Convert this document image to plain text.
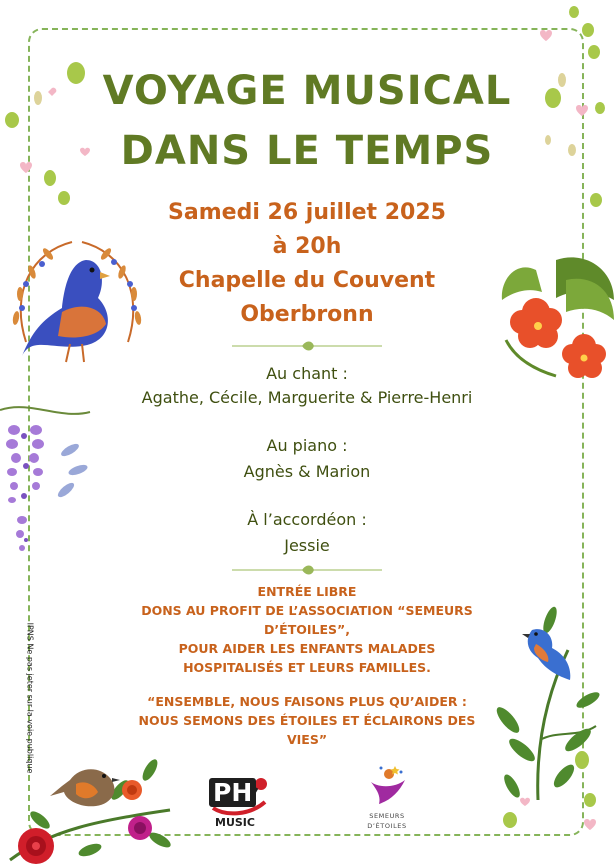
VOYAGE MUSICAL
DANS LE TEMPS
Samedi 26 juillet 2025
à 20h
Chapelle du Couvent
Oberbronn
Au chant :
Agathe, Cécile, Marguerite & Pierre-Henri
Au piano :
Agnès & Marion
À l’accordéon :
Jessie
ENTRÉE LIBRE
DONS AU PROFIT DE L’ASSOCIATION “SEMEURS
D’ÉTOILES”,
POUR AIDER LES ENFANTS MALADES
HOSPITALISÉS ET LEURS FAMILLES.
“ENSEMBLE, NOUS FAISONS PLUS QU’AIDER :
NOUS SEMONS DES ÉTOILES ET ÉCLAIRONS DES
VIES”
IPNS Ne pas jeter sur la voie publique
PH
MUSIC	SEMEURS
D’ÉTOILES
